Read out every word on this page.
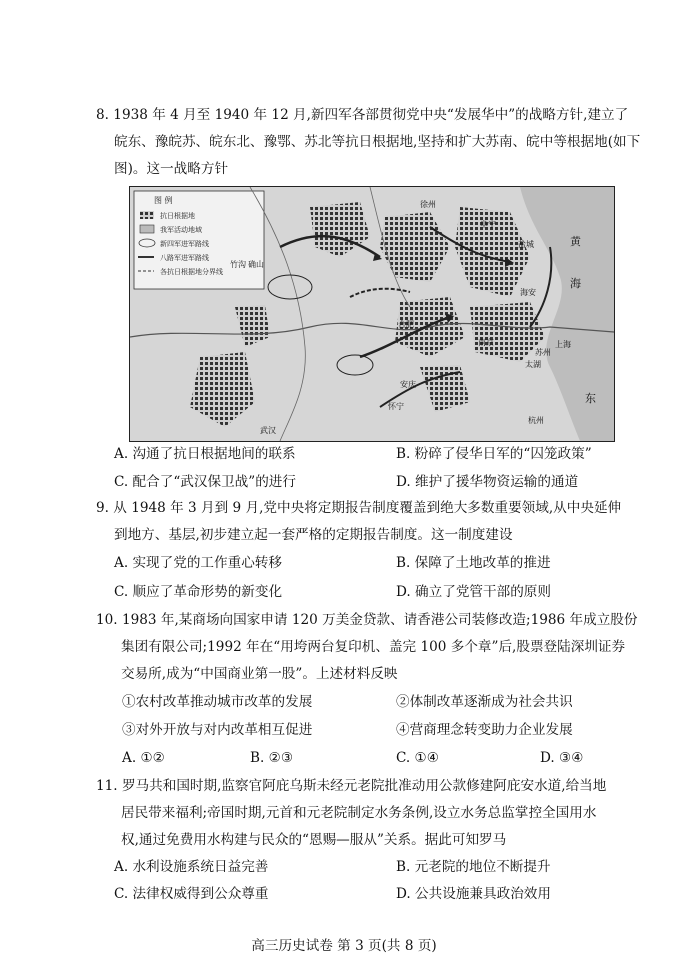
8. 1938 年 4 月至 1940 年 12 月,新四军各部贯彻党中央“发展华中”的战略方针,建立了
皖东、豫皖苏、皖东北、豫鄂、苏北等抗日根据地,坚持和扩大苏南、皖中等根据地(如下
图)。这一战略方针
图 例
抗日根据地
我军活动地域
新四军进军路线
八路军进军路线
各抗日根据地分界线
黄
海
东
南京	上海
海安
杭州
武汉
确山
竹沟
安庆
合肥
怀宁
太湖
苏州
徐州
阜宁
盐城
A. 沟通了抗日根据地间的联系	B. 粉碎了侵华日军的“囚笼政策”
C. 配合了“武汉保卫战”的进行	D. 维护了援华物资运输的通道
9. 从 1948 年 3 月到 9 月,党中央将定期报告制度覆盖到绝大多数重要领域,从中央延伸
到地方、基层,初步建立起一套严格的定期报告制度。这一制度建设
A. 实现了党的工作重心转移	B. 保障了土地改革的推进
C. 顺应了革命形势的新变化	D. 确立了党管干部的原则
10. 1983 年,某商场向国家申请 120 万美金贷款、请香港公司装修改造;1986 年成立股份
集团有限公司;1992 年在“用垮两台复印机、盖完 100 多个章”后,股票登陆深圳证券
交易所,成为“中国商业第一股”。上述材料反映
①农村改革推动城市改革的发展	②体制改革逐渐成为社会共识
③对外开放与对内改革相互促进	④营商理念转变助力企业发展
A. ①②	B. ②③	C. ①④	D. ③④
11. 罗马共和国时期,监察官阿庇乌斯未经元老院批准动用公款修建阿庇安水道,给当地
居民带来福利;帝国时期,元首和元老院制定水务条例,设立水务总监掌控全国用水
权,通过免费用水构建与民众的“恩赐—服从”关系。据此可知罗马
A. 水利设施系统日益完善	B. 元老院的地位不断提升
C. 法律权威得到公众尊重	D. 公共设施兼具政治效用
高三历史试卷 第 3 页(共 8 页)
